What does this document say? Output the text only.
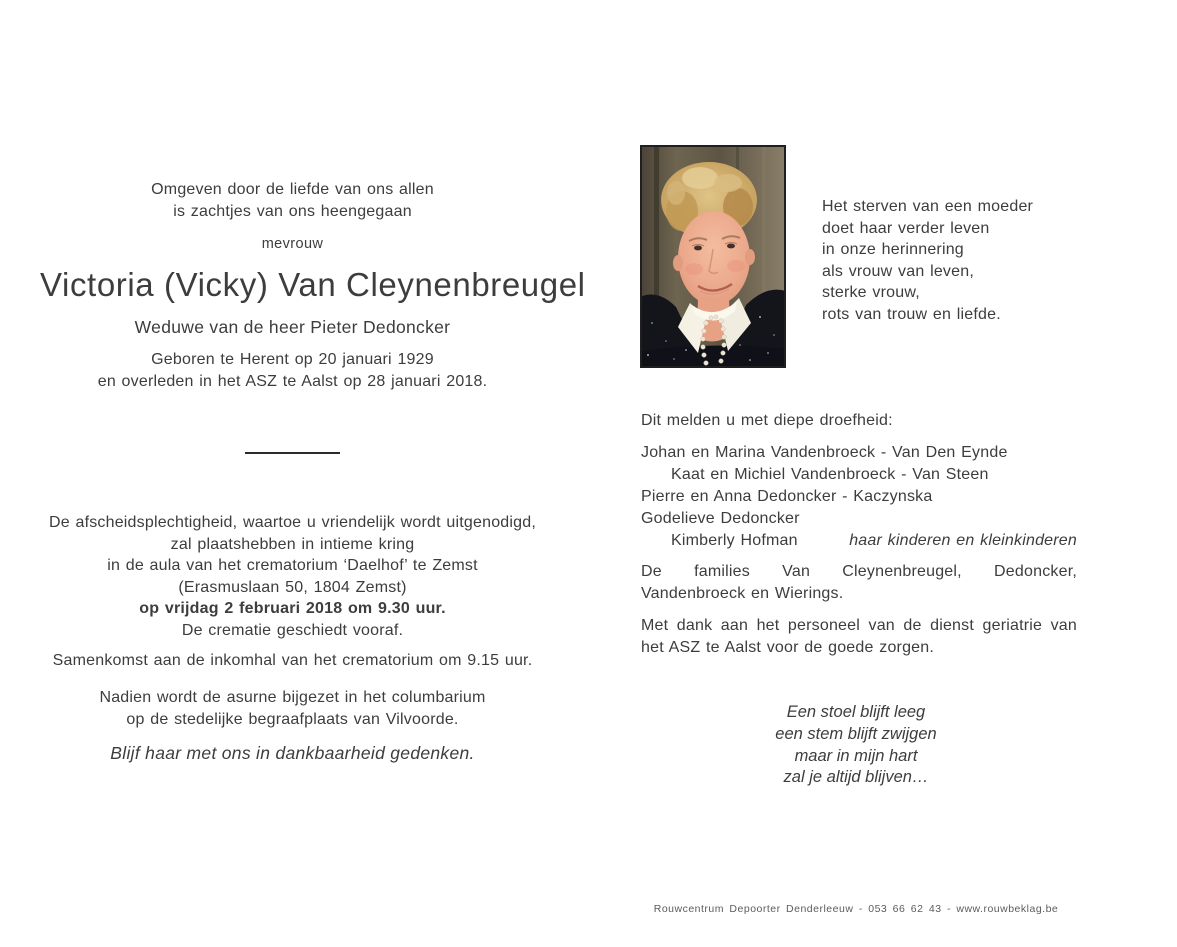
Omgeven door de liefde van ons allen
is zachtjes van ons heengegaan
mevrouw
Victoria (Vicky) Van Cleynenbreugel
Weduwe van de heer Pieter Dedoncker
Geboren te Herent op 20 januari 1929
en overleden in het ASZ te Aalst op 28 januari 2018.
De afscheidsplechtigheid, waartoe u vriendelijk wordt uitgenodigd,
zal plaatshebben in intieme kring
in de aula van het crematorium ‘Daelhof’ te Zemst
(Erasmuslaan 50, 1804 Zemst)
op vrijdag 2 februari 2018 om 9.30 uur.
De crematie geschiedt vooraf.
Samenkomst aan de inkomhal van het crematorium om 9.15 uur.
Nadien wordt de asurne bijgezet in het columbarium
op de stedelijke begraafplaats van Vilvoorde.
Blijf haar met ons in dankbaarheid gedenken.
Het sterven van een moeder
doet haar verder leven
in onze herinnering
als vrouw van leven,
sterke vrouw,
rots van trouw en liefde.
Dit melden u met diepe droefheid:
Johan en Marina Vandenbroeck - Van Den Eynde
Kaat en Michiel Vandenbroeck - Van Steen
Pierre en Anna Dedoncker - Kaczynska
Godelieve Dedoncker
Kimberly Hofman	haar kinderen en kleinkinderen
De families Van Cleynenbreugel, Dedoncker, Vandenbroeck en Wierings.
Met dank aan het personeel van de dienst geriatrie van het ASZ te Aalst voor de goede zorgen.
Een stoel blijft leeg
een stem blijft zwijgen
maar in mijn hart
zal je altijd blijven…
Rouwcentrum Depoorter Denderleeuw - 053 66 62 43 - www.rouwbeklag.be
